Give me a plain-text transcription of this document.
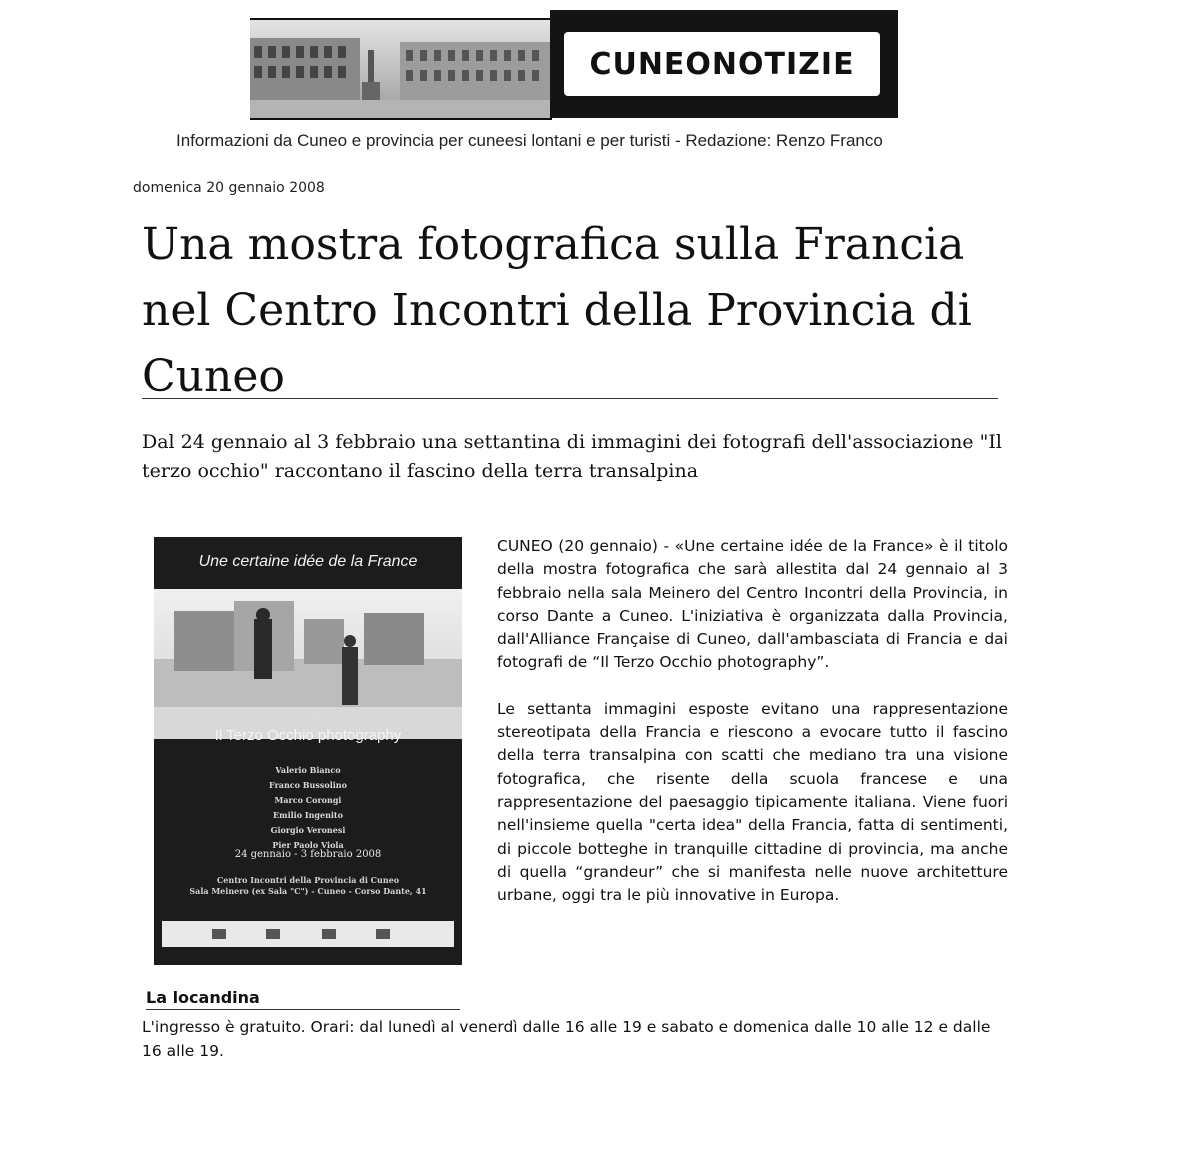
CUNEONOTIZIE
Informazioni da Cuneo e provincia per cuneesi lontani e per turisti - Redazione: Renzo Franco
domenica 20 gennaio 2008
Una mostra fotografica sulla Francia nel Centro Incontri della Provincia di Cuneo
Dal 24 gennaio al 3 febbraio una settantina di immagini dei fotografi dell'associazione "Il terzo occhio" raccontano il fascino della terra transalpina
Une certaine idée de la France
fotografie di
Il Terzo Occhio photography
Valerio Bianco
Franco Bussolino
Marco Corongi
Emilio Ingenito
Giorgio Veronesi
Pier Paolo Viola
24 gennaio - 3 febbraio 2008
Centro Incontri della Provincia di Cuneo
Sala Meinero (ex Sala "C") - Cuneo - Corso Dante, 41
La locandina

CUNEO (20 gennaio) - «Une certaine idée de la France» è il titolo della mostra fotografica che sarà allestita dal 24 gennaio al 3 febbraio nella sala Meinero del Centro Incontri della Provincia, in corso Dante a Cuneo. L'iniziativa è organizzata dalla Provincia, dall'Alliance Française di Cuneo, dall'ambasciata di Francia e dai fotografi de “Il Terzo Occhio photography”.

Le settanta immagini esposte evitano una rappresentazione stereotipata della Francia e riescono a evocare tutto il fascino della terra transalpina con scatti che mediano tra una visione fotografica, che risente della scuola francese e una rappresentazione del paesaggio tipicamente italiana. Viene fuori nell'insieme quella "certa idea" della Francia, fatta di sentimenti, di piccole botteghe in tranquille cittadine di provincia, ma anche di quella “grandeur” che si manifesta nelle nuove architetture urbane, oggi tra le più innovative in Europa.

L'ingresso è gratuito. Orari: dal lunedì al venerdì dalle 16 alle 19 e sabato e domenica dalle 10 alle 12 e dalle 16 alle 19.
